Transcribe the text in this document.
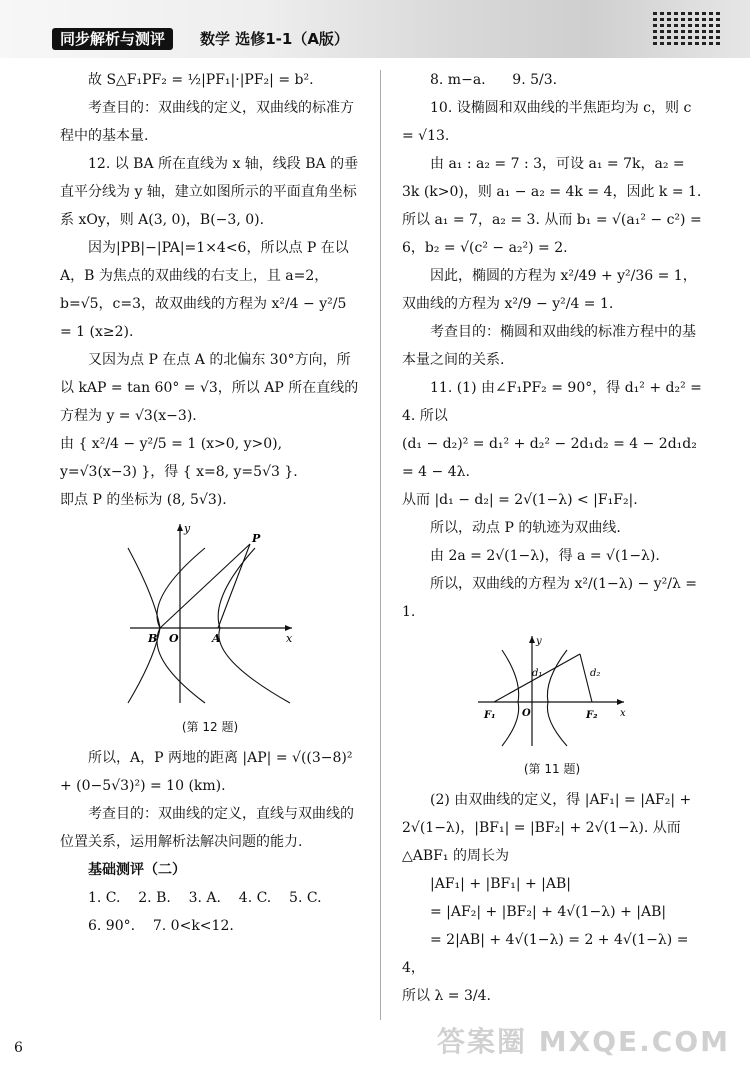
同步解析与测评	数学 选修1-1（A版）

故 S△F₁PF₂ = ½|PF₁|·|PF₂| = b².

考查目的：双曲线的定义，双曲线的标准方程中的基本量.

12. 以 BA 所在直线为 x 轴，线段 BA 的垂直平分线为 y 轴，建立如图所示的平面直角坐标系 xOy，则 A(3, 0)，B(−3, 0).

因为|PB|−|PA|=1×4<6，所以点 P 在以 A，B 为焦点的双曲线的右支上，且 a=2，b=√5，c=3，故双曲线的方程为 x²/4 − y²/5 = 1 (x≥2).

又因为点 P 在点 A 的北偏东 30°方向，所以 kAP = tan 60° = √3，所以 AP 所在直线的方程为 y = √3(x−3).

由 { x²/4 − y²/5 = 1 (x>0, y>0), y=√3(x−3) }，得 { x=8, y=5√3 }.

即点 P 的坐标为 (8, 5√3).

y
x
P
B O	A
(第 12 题)

所以，A，P 两地的距离 |AP| = √((3−8)² + (0−5√3)²) = 10 (km).

考查目的：双曲线的定义，直线与双曲线的位置关系，运用解析法解决问题的能力.

基础测评（二）

1. C.    2. B.    3. A.    4. C.    5. C.

6. 90°.    7. 0<k<12.

8. m−a.      9. 5/3.

10. 设椭圆和双曲线的半焦距均为 c，则 c = √13.

由 a₁ : a₂ = 7 : 3，可设 a₁ = 7k，a₂ = 3k (k>0)，则 a₁ − a₂ = 4k = 4，因此 k = 1. 所以 a₁ = 7，a₂ = 3. 从而 b₁ = √(a₁² − c²) = 6，b₂ = √(c² − a₂²) = 2.

因此，椭圆的方程为 x²/49 + y²/36 = 1，双曲线的方程为 x²/9 − y²/4 = 1.

考查目的：椭圆和双曲线的标准方程中的基本量之间的关系.

11. (1) 由∠F₁PF₂ = 90°，得 d₁² + d₂² = 4. 所以

(d₁ − d₂)² = d₁² + d₂² − 2d₁d₂ = 4 − 2d₁d₂ = 4 − 4λ.

从而 |d₁ − d₂| = 2√(1−λ) < |F₁F₂|.

所以，动点 P 的轨迹为双曲线.

由 2a = 2√(1−λ)，得 a = √(1−λ).

所以，双曲线的方程为 x²/(1−λ) − y²/λ = 1.

y
x
d₁	d₂
F₁	O	F₂
(第 11 题)

(2) 由双曲线的定义，得 |AF₁| = |AF₂| + 2√(1−λ)，|BF₁| = |BF₂| + 2√(1−λ). 从而△ABF₁ 的周长为

|AF₁| + |BF₁| + |AB|

= |AF₂| + |BF₂| + 4√(1−λ) + |AB|

= 2|AB| + 4√(1−λ) = 2 + 4√(1−λ) = 4，

所以 λ = 3/4.

6	答案圈 MXQE.COM
